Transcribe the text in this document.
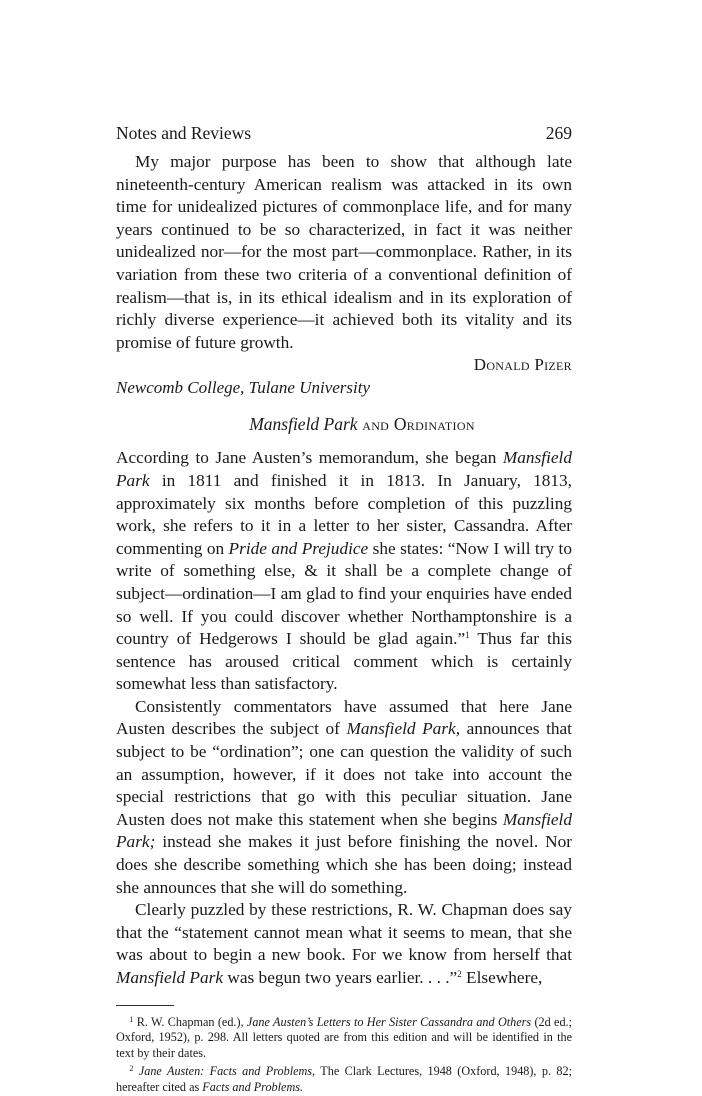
Notes and Reviews	269

My major purpose has been to show that although late nineteenth-century American realism was attacked in its own time for unidealized pictures of commonplace life, and for many years continued to be so characterized, in fact it was neither unidealized nor—for the most part—commonplace. Rather, in its variation from these two criteria of a conventional definition of realism—that is, in its ethical idealism and in its exploration of richly diverse experience—it achieved both its vitality and its promise of future growth.

Donald Pizer

Newcomb College, Tulane University

Mansfield Park and Ordination

According to Jane Austen’s memorandum, she began Mansfield Park in 1811 and finished it in 1813. In January, 1813, approximately six months before completion of this puzzling work, she refers to it in a letter to her sister, Cassandra. After commenting on Pride and Prejudice she states: “Now I will try to write of something else, & it shall be a complete change of subject—ordination—I am glad to find your enquiries have ended so well. If you could discover whether Northamptonshire is a country of Hedgerows I should be glad again.”$^1$ Thus far this sentence has aroused critical comment which is certainly somewhat less than satisfactory.

Consistently commentators have assumed that here Jane Austen describes the subject of Mansfield Park, announces that subject to be “ordination”; one can question the validity of such an assumption, however, if it does not take into account the special restrictions that go with this peculiar situation. Jane Austen does not make this statement when she begins Mansfield Park; instead she makes it just before finishing the novel. Nor does she describe something which she has been doing; instead she announces that she will do something.

Clearly puzzled by these restrictions, R. W. Chapman does say that the “statement cannot mean what it seems to mean, that she was about to begin a new book. For we know from herself that Mansfield Park was begun two years earlier. . . .”$^2$ Elsewhere,

$^1$ R. W. Chapman (ed.), Jane Austen’s Letters to Her Sister Cassandra and Others (2d ed.; Oxford, 1952), p. 298. All letters quoted are from this edition and will be identified in the text by their dates.

$^2$ Jane Austen: Facts and Problems, The Clark Lectures, 1948 (Oxford, 1948), p. 82; hereafter cited as Facts and Problems.
